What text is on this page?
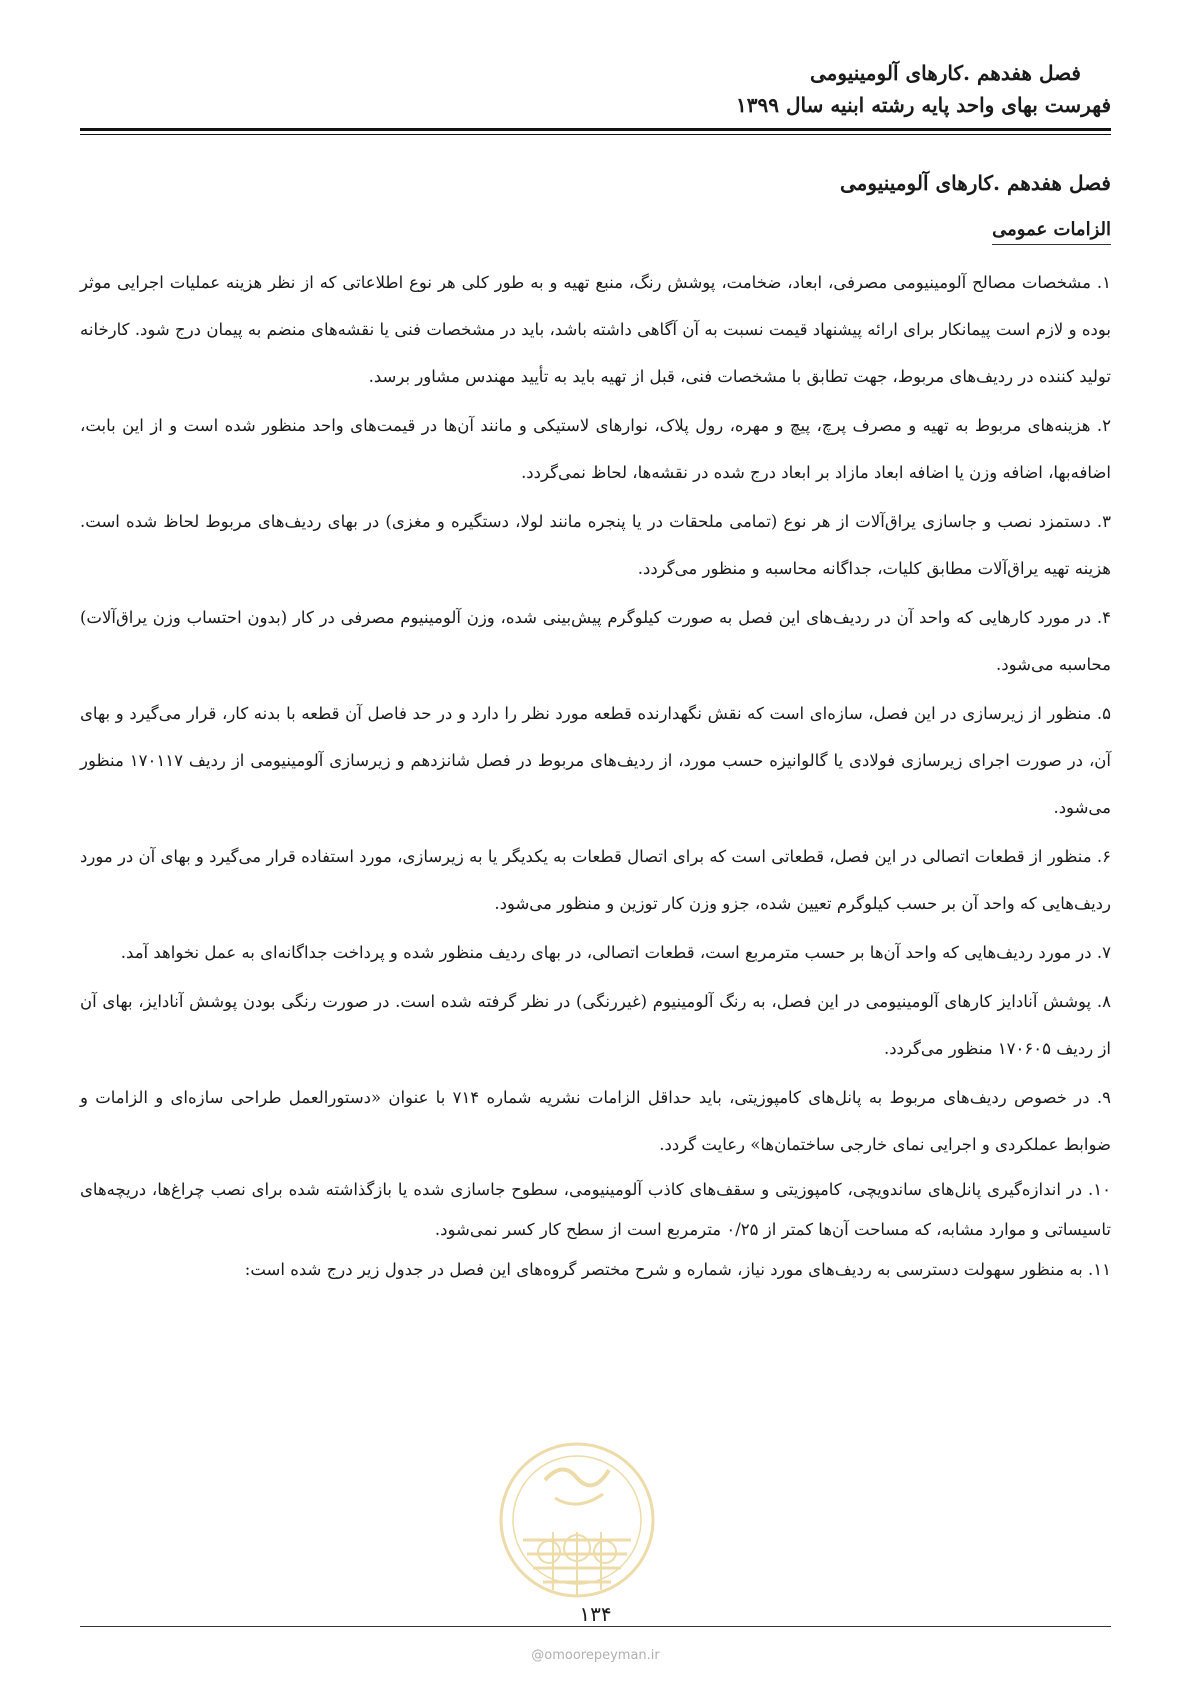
فصل هفدهم .کارهای آلومینیومی
فهرست بهای واحد پایه رشته ابنیه سال ۱۳۹۹
فصل هفدهم .کارهای آلومینیومی
الزامات عمومی

۱. مشخصات مصالح آلومینیومی مصرفی، ابعاد، ضخامت، پوشش رنگ، منبع تهیه و به طور کلی هر نوع اطلاعاتی که از نظر هزینه عملیات اجرایی موثر بوده و لازم است پیمانکار برای ارائه پیشنهاد قیمت نسبت به آن آگاهی داشته باشد، باید در مشخصات فنی یا نقشه‌های منضم به پیمان درج شود. کارخانه تولید کننده در ردیف‌های مربوط، جهت تطابق با مشخصات فنی، قبل از تهیه باید به تأیید مهندس مشاور برسد.

۲. هزینه‌های مربوط به تهیه و مصرف پرچ، پیچ و مهره، رول پلاک، نوارهای لاستیکی و مانند آن‌ها در قیمت‌های واحد منظور شده است و از این بابت، اضافه‌بها، اضافه وزن یا اضافه ابعاد مازاد بر ابعاد درج شده در نقشه‌ها، لحاظ نمی‌گردد.

۳. دستمزد نصب و جاسازی یراق‌آلات از هر نوع (تمامی ملحقات در یا پنجره مانند لولا، دستگیره و مغزی) در بهای ردیف‌های مربوط لحاظ شده است. هزینه تهیه یراق‌آلات مطابق کلیات، جداگانه محاسبه و منظور می‌گردد.

۴. در مورد کارهایی که واحد آن در ردیف‌های این فصل به صورت کیلوگرم پیش‌بینی شده، وزن آلومینیوم مصرفی در کار (بدون احتساب وزن یراق‌آلات) محاسبه می‌شود.

۵. منظور از زیرسازی در این فصل، سازه‌ای است که نقش نگهدارنده قطعه مورد نظر را دارد و در حد فاصل آن قطعه با بدنه کار، قرار می‌گیرد و بهای آن، در صورت اجرای زیرسازی فولادی یا گالوانیزه حسب مورد، از ردیف‌های مربوط در فصل شانزدهم و زیرسازی آلومینیومی از ردیف ۱۷۰۱۱۷ منظور می‌شود.

۶. منظور از قطعات اتصالی در این فصل، قطعاتی است که برای اتصال قطعات به یکدیگر یا به زیرسازی، مورد استفاده قرار می‌گیرد و بهای آن در مورد ردیف‌هایی که واحد آن بر حسب کیلوگرم تعیین شده، جزو وزن کار توزین و منظور می‌شود.

۷. در مورد ردیف‌هایی که واحد آن‌ها بر حسب مترمربع است، قطعات اتصالی، در بهای ردیف منظور شده و پرداخت جداگانه‌ای به عمل نخواهد آمد.

۸. پوشش آنادایز کارهای آلومینیومی در این فصل، به رنگ آلومینیوم (غیررنگی) در نظر گرفته شده است. در صورت رنگی بودن پوشش آنادایز، بهای آن از ردیف ۱۷۰۶۰۵ منظور می‌گردد.

۹. در خصوص ردیف‌های مربوط به پانل‌های کامپوزیتی، باید حداقل الزامات نشریه شماره ۷۱۴ با عنوان «دستورالعمل طراحی سازه‌ای و الزامات و ضوابط عملکردی و اجرایی نمای خارجی ساختمان‌ها» رعایت گردد.

۱۰. در اندازه‌گیری پانل‌های ساندویچی، کامپوزیتی و سقف‌های کاذب آلومینیومی، سطوح جاسازی شده یا بازگذاشته شده برای نصب چراغ‌ها، دریچه‌های تاسیساتی و موارد مشابه، که مساحت آن‌ها کمتر از ۰/۲۵ مترمربع است از سطح کار کسر نمی‌شود.

۱۱. به منظور سهولت دسترسی به ردیف‌های مورد نیاز، شماره و شرح مختصر گروه‌های این فصل در جدول زیر درج شده است:

۱۳۴
@omoorepeyman.ir
